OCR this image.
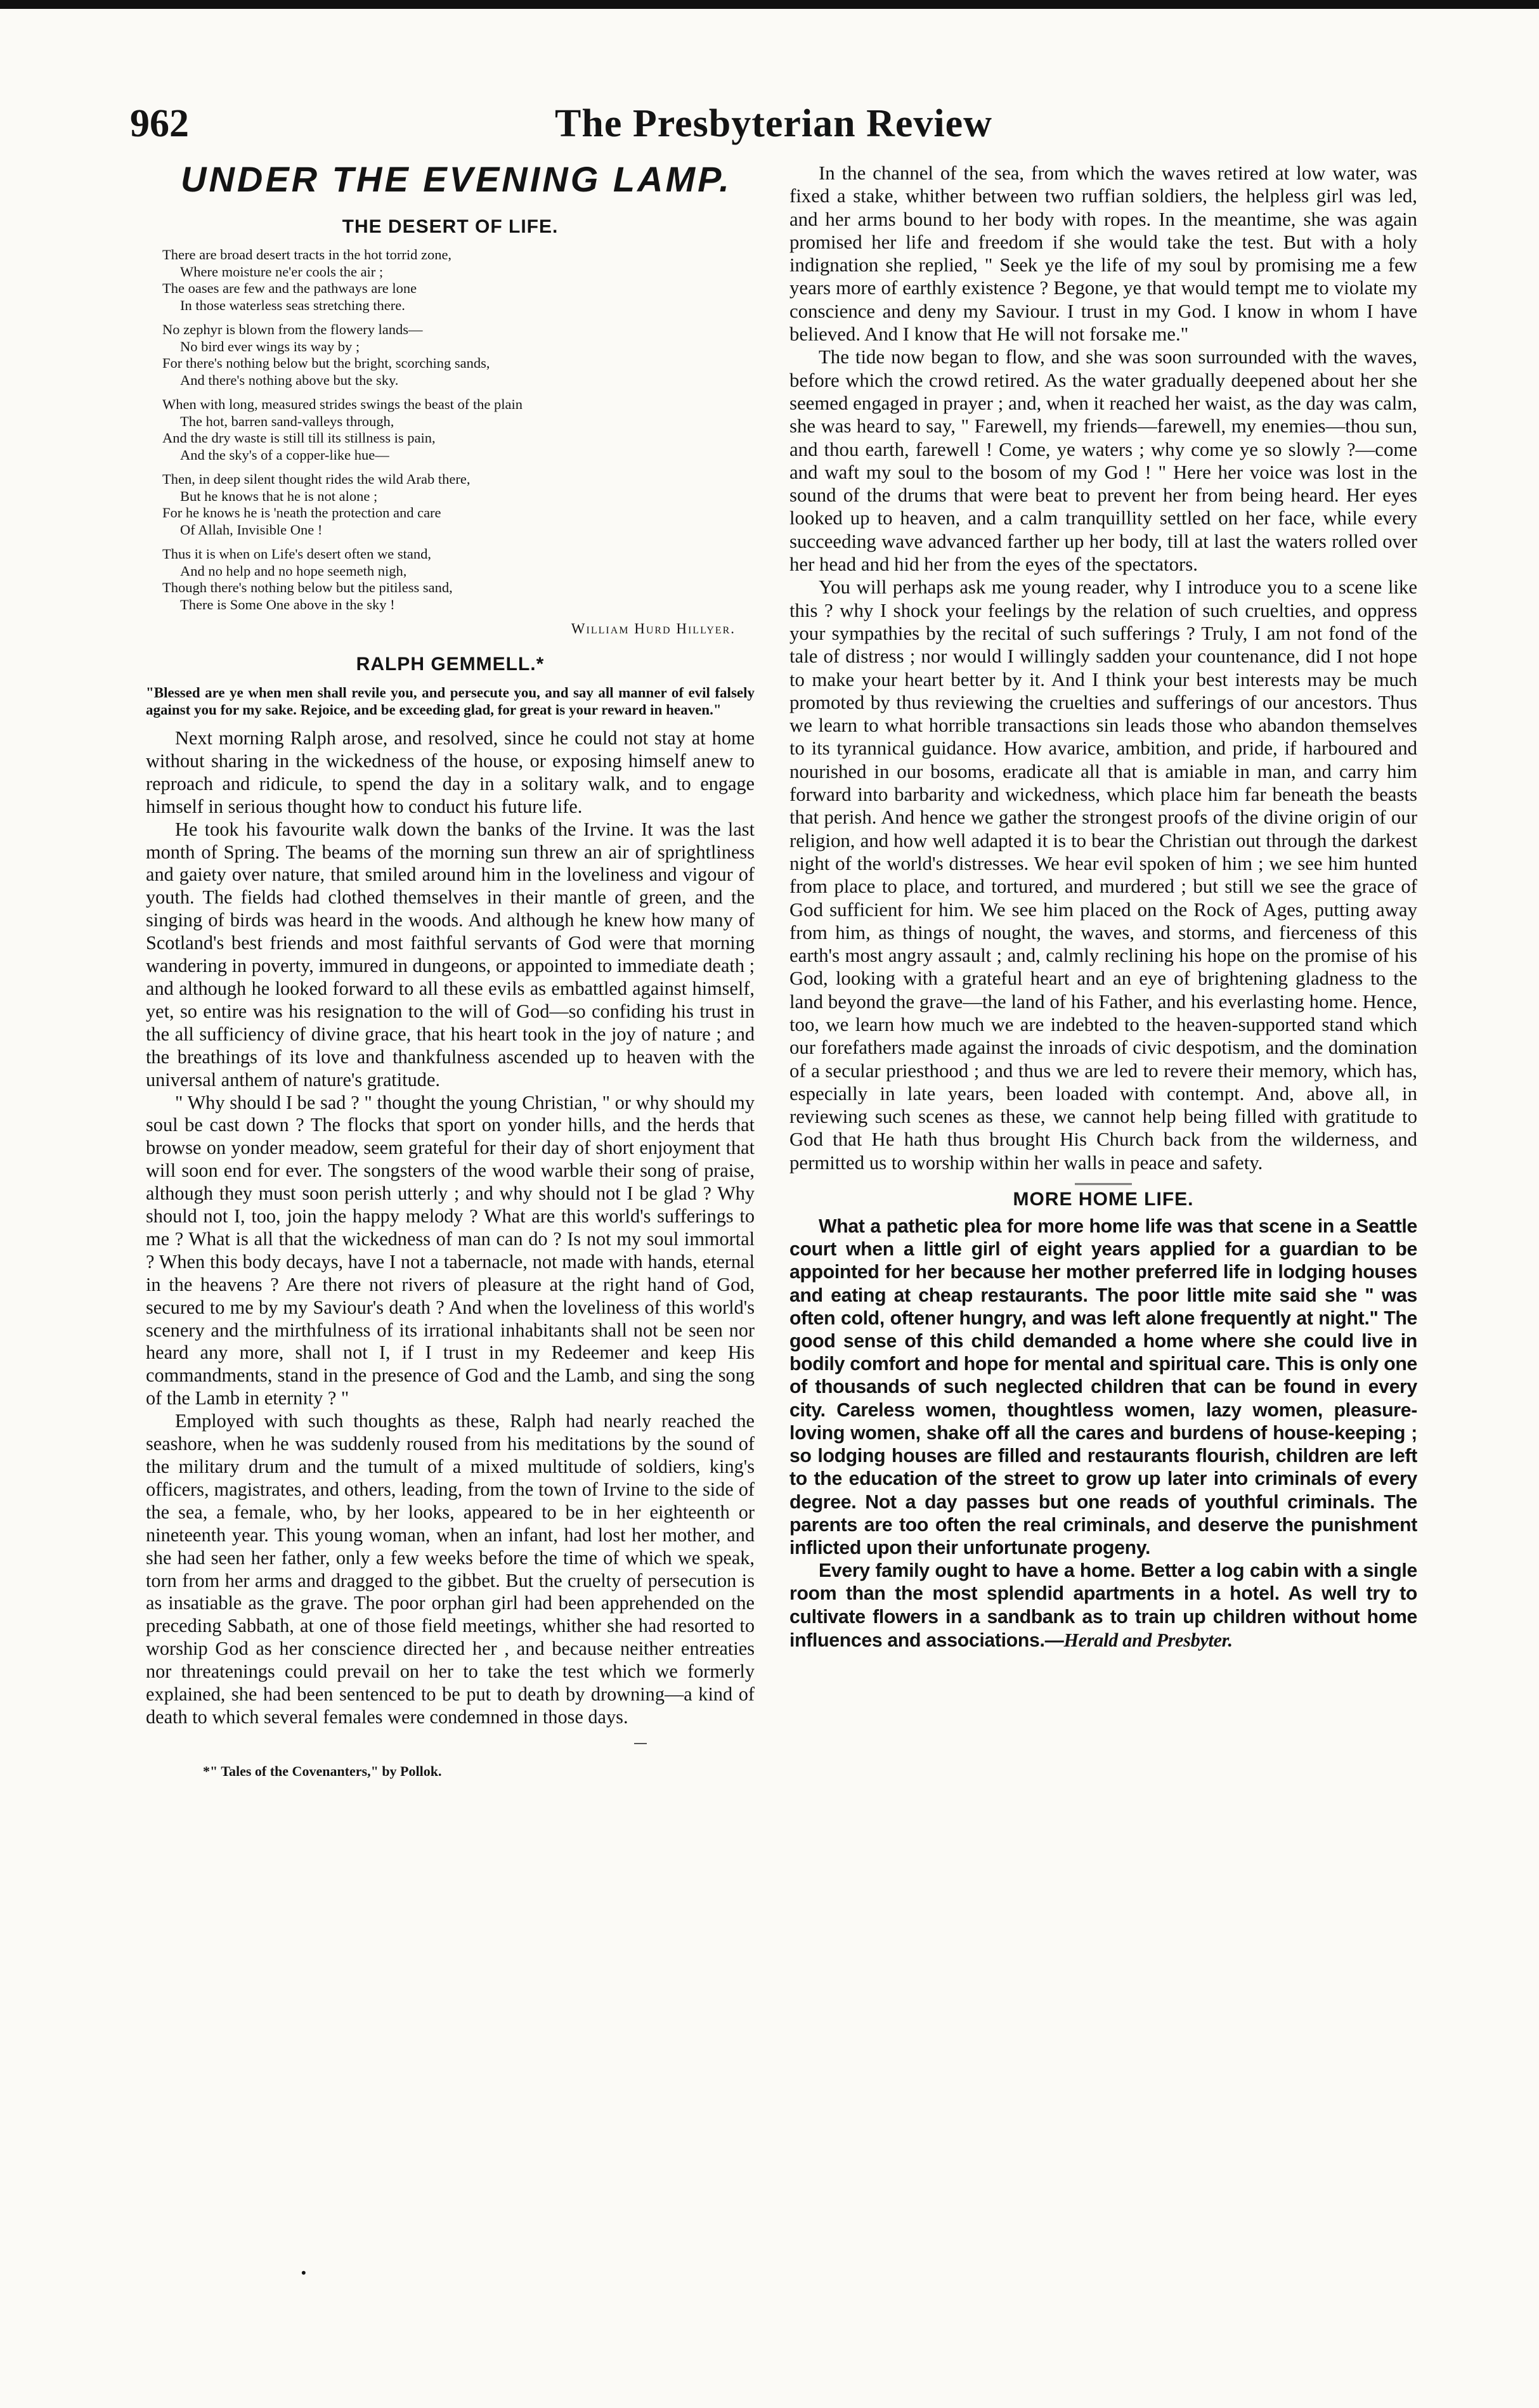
962	The Presbyterian Review
UNDER THE EVENING LAMP.
THE DESERT OF LIFE.
There are broad desert tracts in the hot torrid zone,
Where moisture ne'er cools the air ;
The oases are few and the pathways are lone
In those waterless seas stretching there.
No zephyr is blown from the flowery lands—
No bird ever wings its way by ;
For there's nothing below but the bright, scorching sands,
And there's nothing above but the sky.
When with long, measured strides swings the beast of the plain
The hot, barren sand-valleys through,
And the dry waste is still till its stillness is pain,
And the sky's of a copper-like hue—
Then, in deep silent thought rides the wild Arab there,
But he knows that he is not alone ;
For he knows he is 'neath the protection and care
Of Allah, Invisible One !
Thus it is when on Life's desert often we stand,
And no help and no hope seemeth nigh,
Though there's nothing below but the pitiless sand,
There is Some One above in the sky !
William Hurd Hillyer.
RALPH GEMMELL.*
"Blessed are ye when men shall revile you, and persecute you, and say all manner of evil falsely against you for my sake. Rejoice, and be exceeding glad, for great is your reward in heaven."

Next morning Ralph arose, and resolved, since he could not stay at home without sharing in the wickedness of the house, or exposing himself anew to reproach and ridicule, to spend the day in a solitary walk, and to engage himself in serious thought how to conduct his future life.

He took his favourite walk down the banks of the Irvine. It was the last month of Spring. The beams of the morning sun threw an air of sprightliness and gaiety over nature, that smiled around him in the loveliness and vigour of youth. The fields had clothed themselves in their mantle of green, and the singing of birds was heard in the woods. And although he knew how many of Scotland's best friends and most faithful servants of God were that morning wandering in poverty, immured in dungeons, or appointed to immediate death ; and although he looked forward to all these evils as embattled against himself, yet, so entire was his resignation to the will of God—so confiding his trust in the all sufficiency of divine grace, that his heart took in the joy of nature ; and the breathings of its love and thankfulness ascended up to heaven with the universal anthem of nature's gratitude.

" Why should I be sad ? " thought the young Christian, " or why should my soul be cast down ? The flocks that sport on yonder hills, and the herds that browse on yonder meadow, seem grateful for their day of short enjoyment that will soon end for ever. The songsters of the wood warble their song of praise, although they must soon perish utterly ; and why should not I be glad ? Why should not I, too, join the happy melody ? What are this world's sufferings to me ? What is all that the wickedness of man can do ? Is not my soul immortal ? When this body decays, have I not a tabernacle, not made with hands, eternal in the heavens ? Are there not rivers of pleasure at the right hand of God, secured to me by my Saviour's death ? And when the loveliness of this world's scenery and the mirthfulness of its irrational inhabitants shall not be seen nor heard any more, shall not I, if I trust in my Redeemer and keep His commandments, stand in the presence of God and the Lamb, and sing the song of the Lamb in eternity ? "

Employed with such thoughts as these, Ralph had nearly reached the seashore, when he was suddenly roused from his meditations by the sound of the military drum and the tumult of a mixed multitude of soldiers, king's officers, magistrates, and others, leading, from the town of Irvine to the side of the sea, a female, who, by her looks, appeared to be in her eighteenth or nineteenth year. This young woman, when an infant, had lost her mother, and she had seen her father, only a few weeks before the time of which we speak, torn from her arms and dragged to the gibbet. But the cruelty of persecution is as insatiable as the grave. The poor orphan girl had been apprehended on the preceding Sabbath, at one of those field meetings, whither she had resorted to worship God as her conscience directed her , and because neither entreaties nor threatenings could prevail on her to take the test which we formerly explained, she had been sentenced to be put to death by drowning—a kind of death to which several females were condemned in those days.

*" Tales of the Covenanters," by Pollok.
•

In the channel of the sea, from which the waves retired at low water, was fixed a stake, whither between two ruffian soldiers, the helpless girl was led, and her arms bound to her body with ropes. In the meantime, she was again promised her life and freedom if she would take the test. But with a holy indignation she replied, " Seek ye the life of my soul by promising me a few years more of earthly existence ? Begone, ye that would tempt me to violate my conscience and deny my Saviour. I trust in my God. I know in whom I have believed. And I know that He will not forsake me."

The tide now began to flow, and she was soon surrounded with the waves, before which the crowd retired. As the water gradually deepened about her she seemed engaged in prayer ; and, when it reached her waist, as the day was calm, she was heard to say, " Farewell, my friends—farewell, my enemies—thou sun, and thou earth, farewell ! Come, ye waters ; why come ye so slowly ?—come and waft my soul to the bosom of my God ! " Here her voice was lost in the sound of the drums that were beat to prevent her from being heard. Her eyes looked up to heaven, and a calm tranquillity settled on her face, while every succeeding wave advanced farther up her body, till at last the waters rolled over her head and hid her from the eyes of the spectators.

You will perhaps ask me young reader, why I introduce you to a scene like this ? why I shock your feelings by the relation of such cruelties, and oppress your sympathies by the recital of such sufferings ? Truly, I am not fond of the tale of distress ; nor would I willingly sadden your countenance, did I not hope to make your heart better by it. And I think your best interests may be much promoted by thus reviewing the cruelties and sufferings of our ancestors. Thus we learn to what horrible transactions sin leads those who abandon themselves to its tyrannical guidance. How avarice, ambition, and pride, if harboured and nourished in our bosoms, eradicate all that is amiable in man, and carry him forward into barbarity and wickedness, which place him far beneath the beasts that perish. And hence we gather the strongest proofs of the divine origin of our religion, and how well adapted it is to bear the Christian out through the darkest night of the world's distresses. We hear evil spoken of him ; we see him hunted from place to place, and tortured, and murdered ; but still we see the grace of God sufficient for him. We see him placed on the Rock of Ages, putting away from him, as things of nought, the waves, and storms, and fierceness of this earth's most angry assault ; and, calmly reclining his hope on the promise of his God, looking with a grateful heart and an eye of brightening gladness to the land beyond the grave—the land of his Father, and his everlasting home. Hence, too, we learn how much we are indebted to the heaven-supported stand which our forefathers made against the inroads of civic despotism, and the domination of a secular priesthood ; and thus we are led to revere their memory, which has, especially in late years, been loaded with contempt. And, above all, in reviewing such scenes as these, we cannot help being filled with gratitude to God that He hath thus brought His Church back from the wilderness, and permitted us to worship within her walls in peace and safety.

MORE HOME LIFE.

What a pathetic plea for more home life was that scene in a Seattle court when a little girl of eight years applied for a guardian to be appointed for her because her mother preferred life in lodging houses and eating at cheap restaurants. The poor little mite said she " was often cold, oftener hungry, and was left alone frequently at night." The good sense of this child demanded a home where she could live in bodily comfort and hope for mental and spiritual care. This is only one of thousands of such neglected children that can be found in every city. Careless women, thoughtless women, lazy women, pleasure-loving women, shake off all the cares and burdens of house-keeping ; so lodging houses are filled and restaurants flourish, children are left to the education of the street to grow up later into criminals of every degree. Not a day passes but one reads of youthful criminals. The parents are too often the real criminals, and deserve the punishment inflicted upon their unfortunate progeny.

Every family ought to have a home. Better a log cabin with a single room than the most splendid apartments in a hotel. As well try to cultivate flowers in a sandbank as to train up children without home influences and associations.—Herald and Presbyter.
